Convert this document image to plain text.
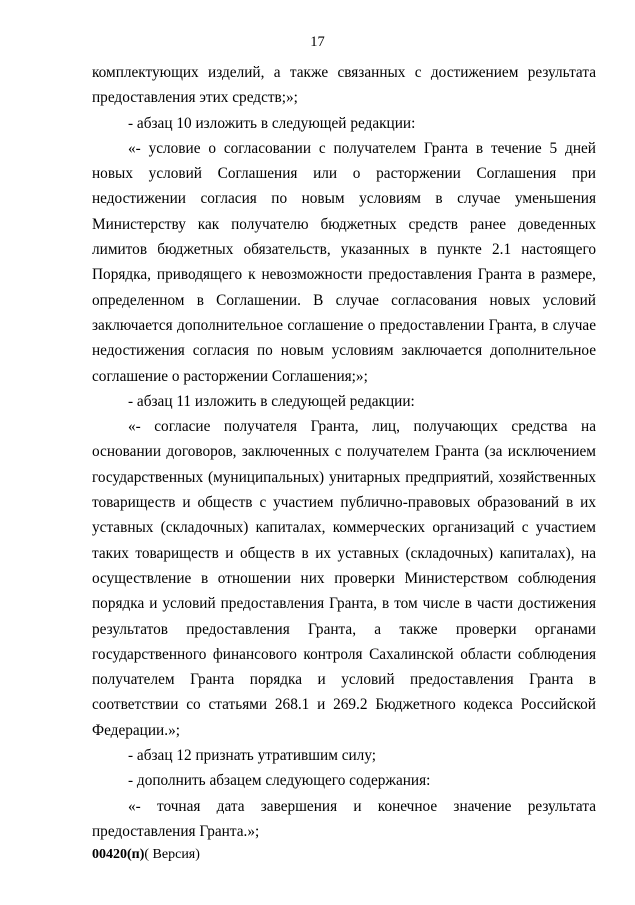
17

комплектующих изделий, а также связанных с достижением результата предоставления этих средств;»;

- абзац 10 изложить в следующей редакции:

«- условие о согласовании с получателем Гранта в течение 5 дней новых условий Соглашения или о расторжении Соглашения при недостижении согласия по новым условиям в случае уменьшения Министерству как получателю бюджетных средств ранее доведенных лимитов бюджетных обязательств, указанных в пункте 2.1 настоящего Порядка, приводящего к невозможности предоставления Гранта в размере, определенном в Соглашении. В случае согласования новых условий заключается дополнительное соглашение о предоставлении Гранта, в случае недостижения согласия по новым условиям заключается дополнительное соглашение о расторжении Соглашения;»;

- абзац 11 изложить в следующей редакции:

«- согласие получателя Гранта, лиц, получающих средства на основании договоров, заключенных с получателем Гранта (за исключением государственных (муниципальных) унитарных предприятий, хозяйственных товариществ и обществ с участием публично-правовых образований в их уставных (складочных) капиталах, коммерческих организаций с участием таких товариществ и обществ в их уставных (складочных) капиталах), на осуществление в отношении них проверки Министерством соблюдения порядка и условий предоставления Гранта, в том числе в части достижения результатов предоставления Гранта, а также проверки органами государственного финансового контроля Сахалинской области соблюдения получателем Гранта порядка и условий предоставления Гранта в соответствии со статьями 268.1 и 269.2 Бюджетного кодекса Российской Федерации.»;

- абзац 12 признать утратившим силу;

- дополнить абзацем следующего содержания:

«- точная дата завершения и конечное значение результата предоставления Гранта.»;

00420(п)( Версия)
